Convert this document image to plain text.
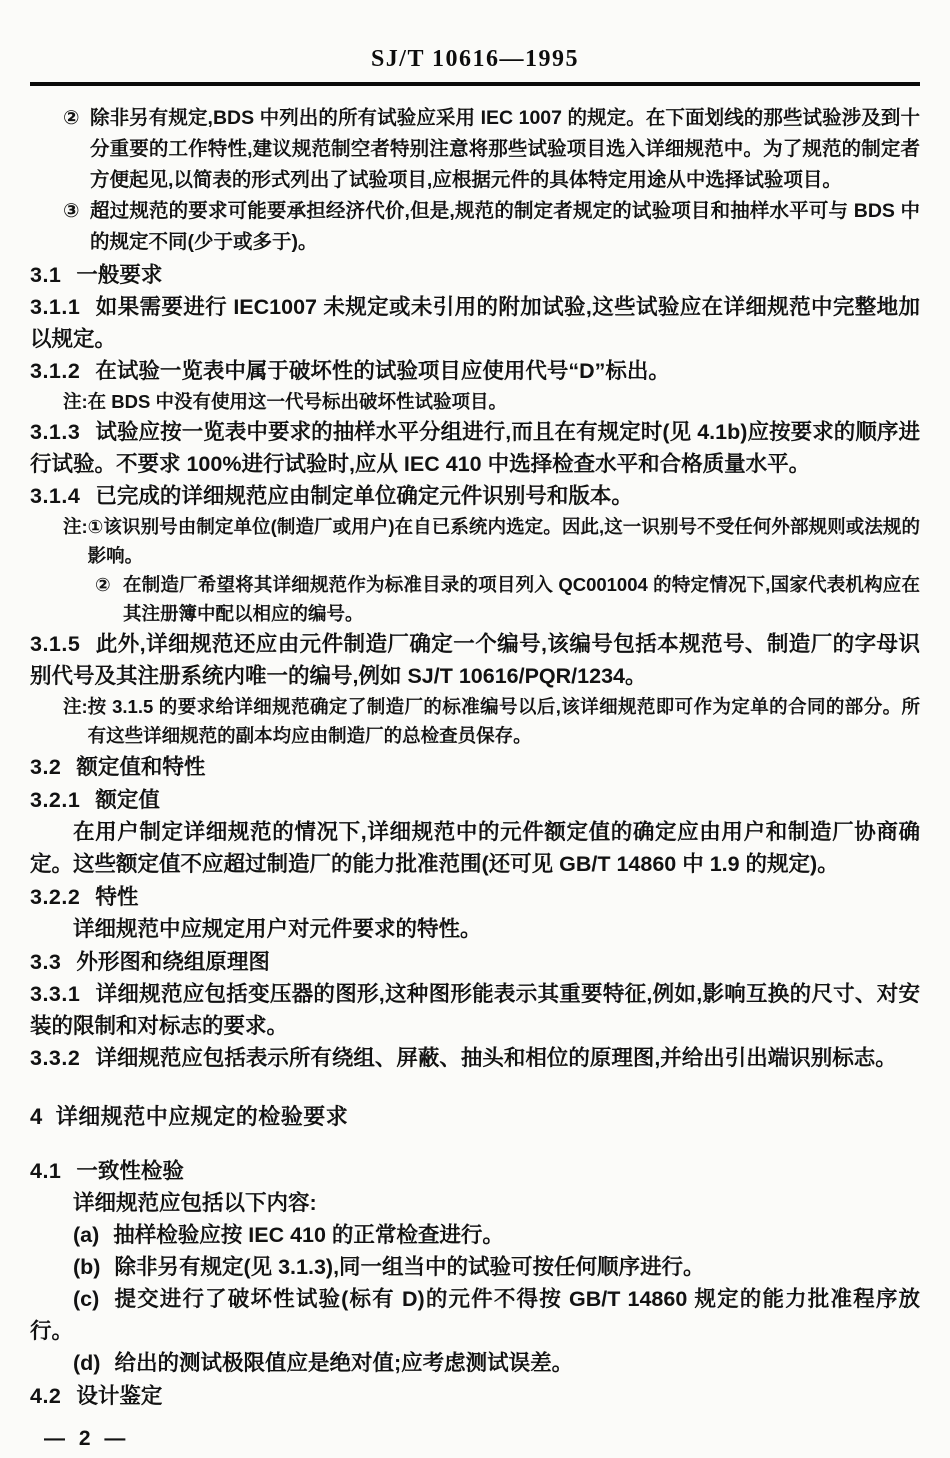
SJ/T 10616—1995
② 除非另有规定,BDS 中列出的所有试验应采用 IEC 1007 的规定。在下面划线的那些试验涉及到十分重要的工作特性,建议规范制空者特别注意将那些试验项目选入详细规范中。为了规范的制定者方便起见,以简表的形式列出了试验项目,应根据元件的具体特定用途从中选择试验项目。
③ 超过规范的要求可能要承担经济代价,但是,规范的制定者规定的试验项目和抽样水平可与 BDS 中的规定不同(少于或多于)。

3.1 一般要求

3.1.1 如果需要进行 IEC1007 未规定或未引用的附加试验,这些试验应在详细规范中完整地加以规定。

3.1.2 在试验一览表中属于破坏性的试验项目应使用代号“D”标出。

注: 在 BDS 中没有使用这一代号标出破坏性试验项目。

3.1.3 试验应按一览表中要求的抽样水平分组进行,而且在有规定时(见 4.1b)应按要求的顺序进行试验。不要求 100%进行试验时,应从 IEC 410 中选择检查水平和合格质量水平。

3.1.4 已完成的详细规范应由制定单位确定元件识别号和版本。

注: ①该识别号由制定单位(制造厂或用户)在自已系统内选定。因此,这一识别号不受任何外部规则或法规的影响。
② 在制造厂希望将其详细规范作为标准目录的项目列入 QC001004 的特定情况下,国家代表机构应在其注册簿中配以相应的编号。

3.1.5 此外,详细规范还应由元件制造厂确定一个编号,该编号包括本规范号、制造厂的字母识别代号及其注册系统内唯一的编号,例如 SJ/T 10616/PQR/1234。

注: 按 3.1.5 的要求给详细规范确定了制造厂的标准编号以后,该详细规范即可作为定单的合同的部分。所有这些详细规范的副本均应由制造厂的总检查员保存。

3.2 额定值和特性

3.2.1 额定值

在用户制定详细规范的情况下,详细规范中的元件额定值的确定应由用户和制造厂协商确定。这些额定值不应超过制造厂的能力批准范围(还可见 GB/T 14860 中 1.9 的规定)。

3.2.2 特性

详细规范中应规定用户对元件要求的特性。

3.3 外形图和绕组原理图

3.3.1 详细规范应包括变压器的图形,这种图形能表示其重要特征,例如,影响互换的尺寸、对安装的限制和对标志的要求。

3.3.2 详细规范应包括表示所有绕组、屏蔽、抽头和相位的原理图,并给出引出端识别标志。

4 详细规范中应规定的检验要求

4.1 一致性检验

详细规范应包括以下内容:

(a) 抽样检验应按 IEC 410 的正常检查进行。

(b) 除非另有规定(见 3.1.3),同一组当中的试验可按任何顺序进行。

(c) 提交进行了破坏性试验(标有 D)的元件不得按 GB/T 14860 规定的能力批准程序放行。

(d) 给出的测试极限值应是绝对值;应考虑测试误差。

4.2 设计鉴定

— 2 —
